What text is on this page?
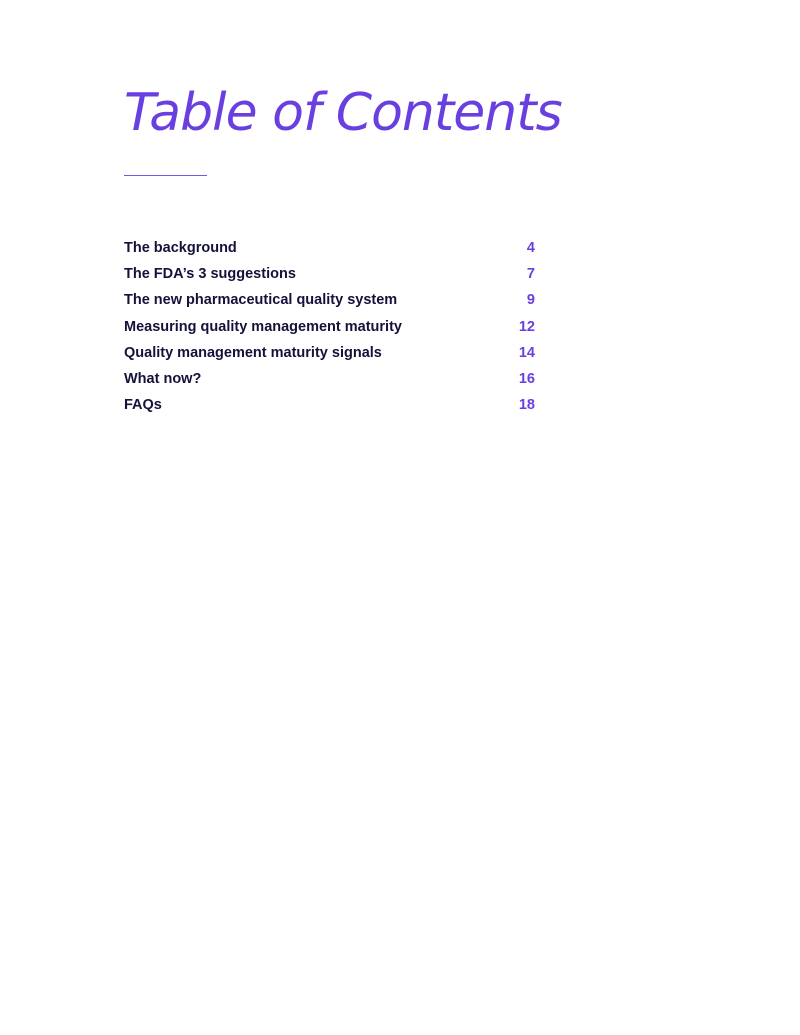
Table of Contents
The background	4
The FDA’s 3 suggestions	7
The new pharmaceutical quality system	9
Measuring quality management maturity	12
Quality management maturity signals	14
What now?	16
FAQs	18
